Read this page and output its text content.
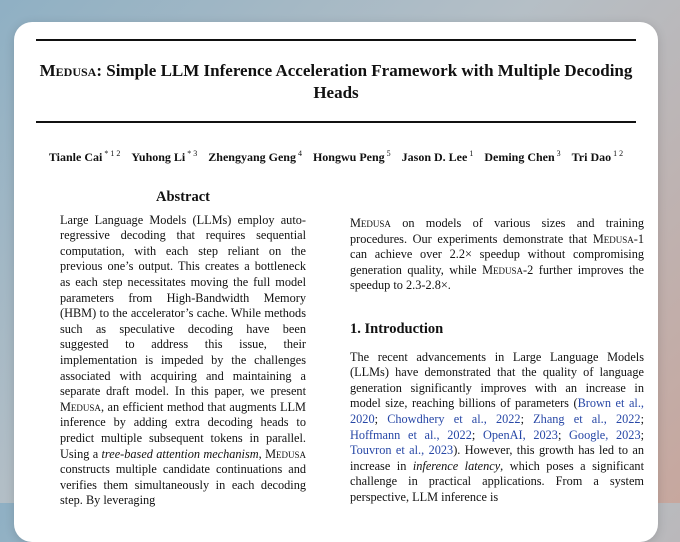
Medusa: Simple LLM Inference Acceleration Framework with Multiple Decoding Heads
Tianle Cai $^{* 1 2}$ Yuhong Li $^{* 3}$ Zhengyang Geng $^4$ Hongwu Peng $^5$ Jason D. Lee $^1$ Deming Chen $^3$ Tri Dao $^{1 2}$
Abstract

Large Language Models (LLMs) employ auto-regressive decoding that requires sequential computation, with each step reliant on the previous one’s output. This creates a bottleneck as each step necessitates moving the full model parameters from High-Bandwidth Memory (HBM) to the accelerator’s cache. While methods such as speculative decoding have been suggested to address this issue, their implementation is impeded by the challenges associated with acquiring and maintaining a separate draft model. In this paper, we present Medusa, an efficient method that augments LLM inference by adding extra decoding heads to predict multiple subsequent tokens in parallel. Using a tree-based attention mechanism, Medusa constructs multiple candidate continuations and verifies them simultaneously in each decoding step. By leveraging

Medusa on models of various sizes and training procedures. Our experiments demonstrate that Medusa-1 can achieve over 2.2× speedup without compromising generation quality, while Medusa-2 further improves the speedup to 2.3-2.8×.

1. Introduction

The recent advancements in Large Language Models (LLMs) have demonstrated that the quality of language generation significantly improves with an increase in model size, reaching billions of parameters (Brown et al., 2020; Chowdhery et al., 2022; Zhang et al., 2022; Hoffmann et al., 2022; OpenAI, 2023; Google, 2023; Touvron et al., 2023). However, this growth has led to an increase in inference latency, which poses a significant challenge in practical applications. From a system perspective, LLM inference is
